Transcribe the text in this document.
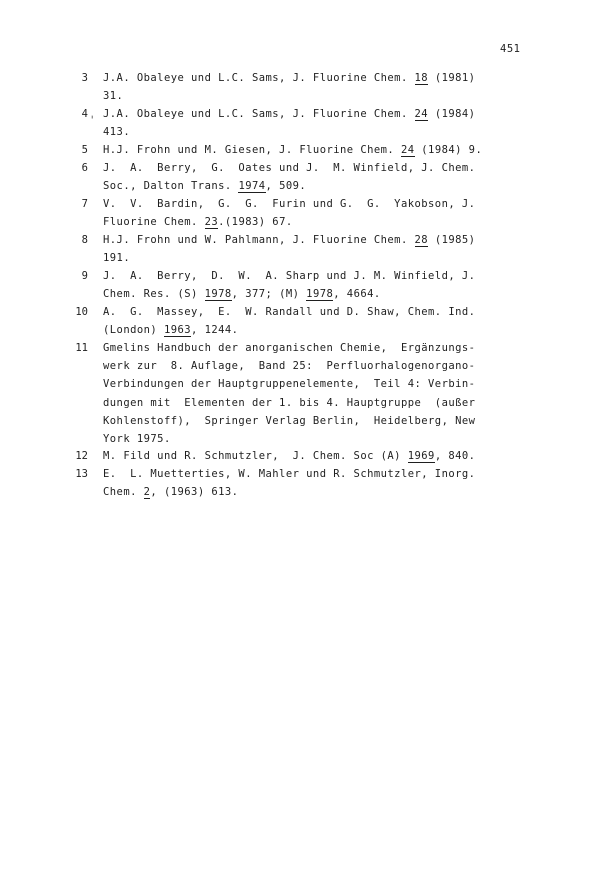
451
3 J.A. Obaleye und L.C. Sams, J. Fluorine Chem. 18 (1981)
31.
4 ˌ J.A. Obaleye und L.C. Sams, J. Fluorine Chem. 24 (1984)
413.
5 H.J. Frohn und M. Giesen, J. Fluorine Chem. 24 (1984) 9.
6 J.  A.  Berry,  G.  Oates und J.  M. Winfield, J. Chem.
Soc., Dalton Trans. 1974, 509.
7 V.  V.  Bardin,  G.  G.  Furin und G.  G.  Yakobson, J.
Fluorine Chem. 23.(1983) 67.
8 H.J. Frohn und W. Pahlmann, J. Fluorine Chem. 28 (1985)
191.
9 J.  A.  Berry,  D.  W.  A. Sharp und J. M. Winfield, J.
Chem. Res. (S) 1978, 377; (M) 1978, 4664.
10 A.  G.  Massey,  E.  W. Randall und D. Shaw, Chem. Ind.
(London) 1963, 1244.
11 Gmelins Handbuch der anorganischen Chemie,  Ergänzungs-
werk zur  8. Auflage,  Band 25:  Perfluorhalogenorgano-
Verbindungen der Hauptgruppenelemente,  Teil 4: Verbin-
dungen mit  Elementen der 1. bis 4. Hauptgruppe  (außer
Kohlenstoff),  Springer Verlag Berlin,  Heidelberg, New
York 1975.
12 M. Fild und R. Schmutzler,  J. Chem. Soc (A) 1969, 840.
13 E.  L. Muetterties, W. Mahler und R. Schmutzler, Inorg.
Chem. 2, (1963) 613.
